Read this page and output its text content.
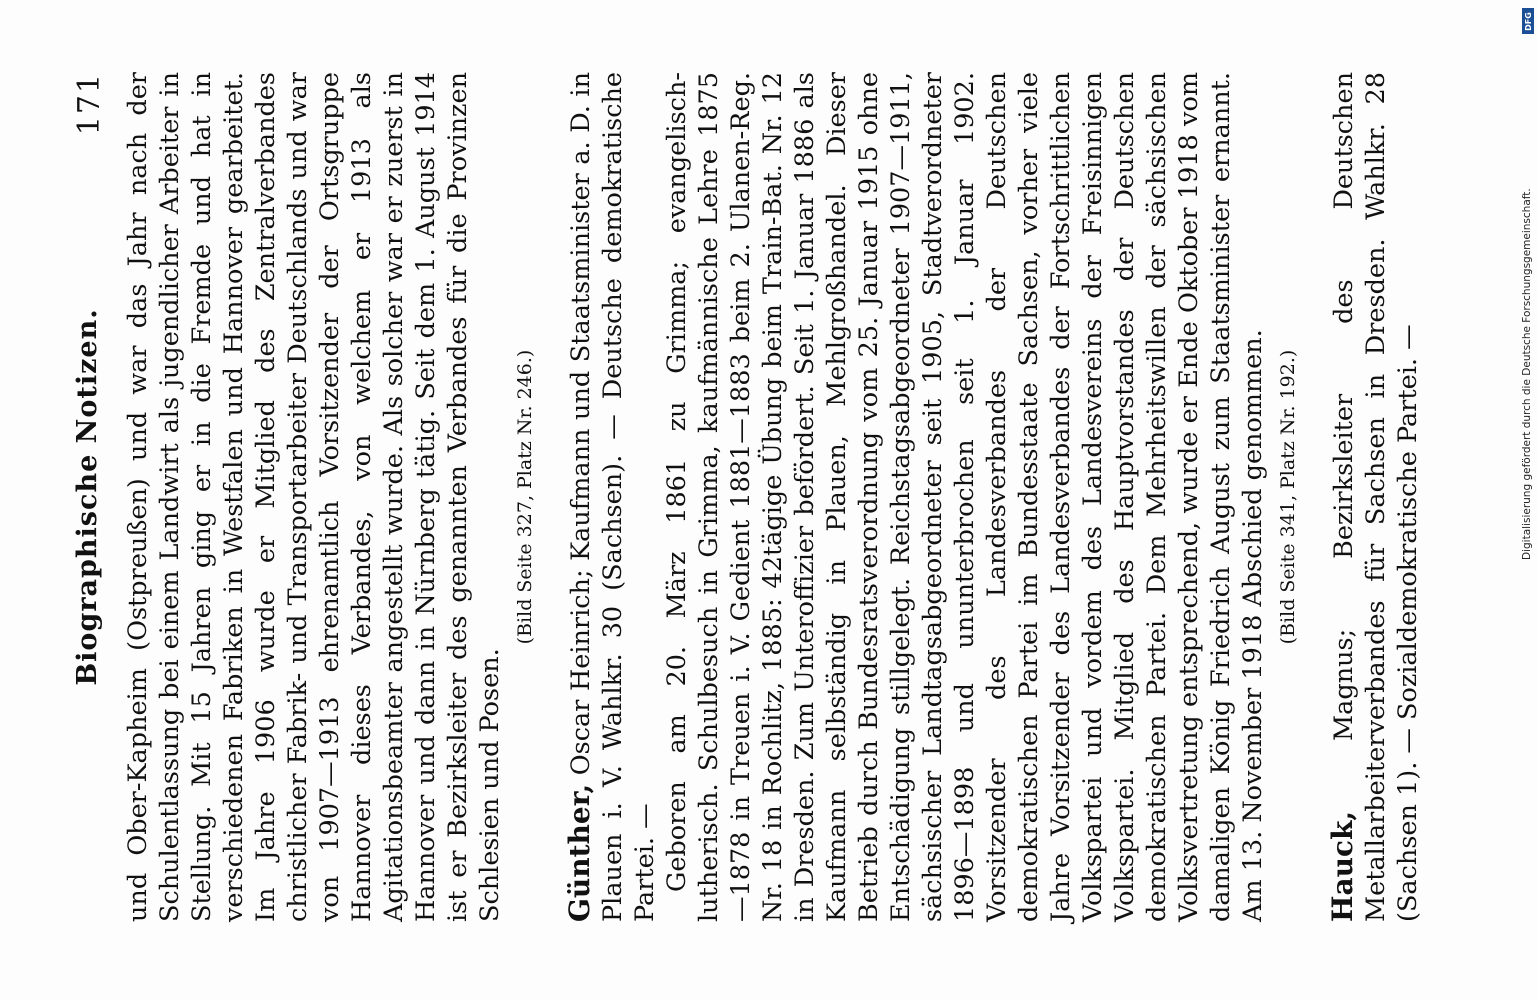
Biographische Notizen.
171 und Ober-Kapheim (Ostpreußen) und war das Jahr nach der Schulentlassung bei einem Landwirt als jugendlicher Arbeiter in Stellung. Mit 15 Jahren ging er in die Fremde und hat in verschiedenen Fabriken in Westfalen und Hannover gearbeitet. Im Jahre 1906 wurde er Mitglied des Zentralverbandes christlicher Fabrik- und Transportarbeiter Deutschlands und war von 1907—1913 ehrenamtlich Vorsitzender der Ortsgruppe Hannover dieses Verbandes, von welchem er 1913 als Agitationsbeamter angestellt wurde. Als solcher war er zuerst in Hannover und dann in Nürnberg tätig. Seit dem 1. August 1914 ist er Bezirksleiter des genannten Verbandes für die Provinzen Schlesien und Posen.

(Bild Seite 327, Platz Nr. 246.)

Günther, Oscar Heinrich; Kaufmann und Staatsminister a. D. in Plauen i. V. Wahlkr. 30 (Sachsen). — Deutsche demokratische Partei. — Geboren am 20. März 1861 zu Grimma; evangelisch-lutherisch. Schulbesuch in Grimma, kaufmännische Lehre 1875—1878 in Treuen i. V. Gedient 1881—1883 beim 2. Ulanen-Reg. Nr. 18 in Rochlitz, 1885: 42tägige Übung beim Train-Bat. Nr. 12 in Dresden. Zum Unteroffizier befördert. Seit 1. Januar 1886 als Kaufmann selbständig in Plauen, Mehlgroßhandel. Dieser Betrieb durch Bundesratsverordnung vom 25. Januar 1915 ohne Entschädigung stillgelegt. Reichstagsabgeordneter 1907—1911, sächsischer Landtagsabgeordneter seit 1905, Stadtverordneter 1896—1898 und ununterbrochen seit 1. Januar 1902. Vorsitzender des Landesverbandes der Deutschen demokratischen Partei im Bundesstaate Sachsen, vorher viele Jahre Vorsitzender des Landesverbandes der Fortschrittlichen Volkspartei und vordem des Landesvereins der Freisinnigen Volkspartei. Mitglied des Hauptvorstandes der Deutschen demokratischen Partei. Dem Mehrheitswillen der sächsischen Volksvertretung entsprechend, wurde er Ende Oktober 1918 vom damaligen König Friedrich August zum Staatsminister ernannt. Am 13. November 1918 Abschied genommen. (Bild Seite 341, Platz Nr. 192.)

Hauck, Magnus; Bezirksleiter des Deutschen Metallarbeiterverbandes für Sachsen in Dresden. Wahlkr. 28 (Sachsen 1). — Sozialdemokratische Partei. —	Digitalisierung gefördert durch die Deutsche Forschungsgemeinschaft.
DFG
